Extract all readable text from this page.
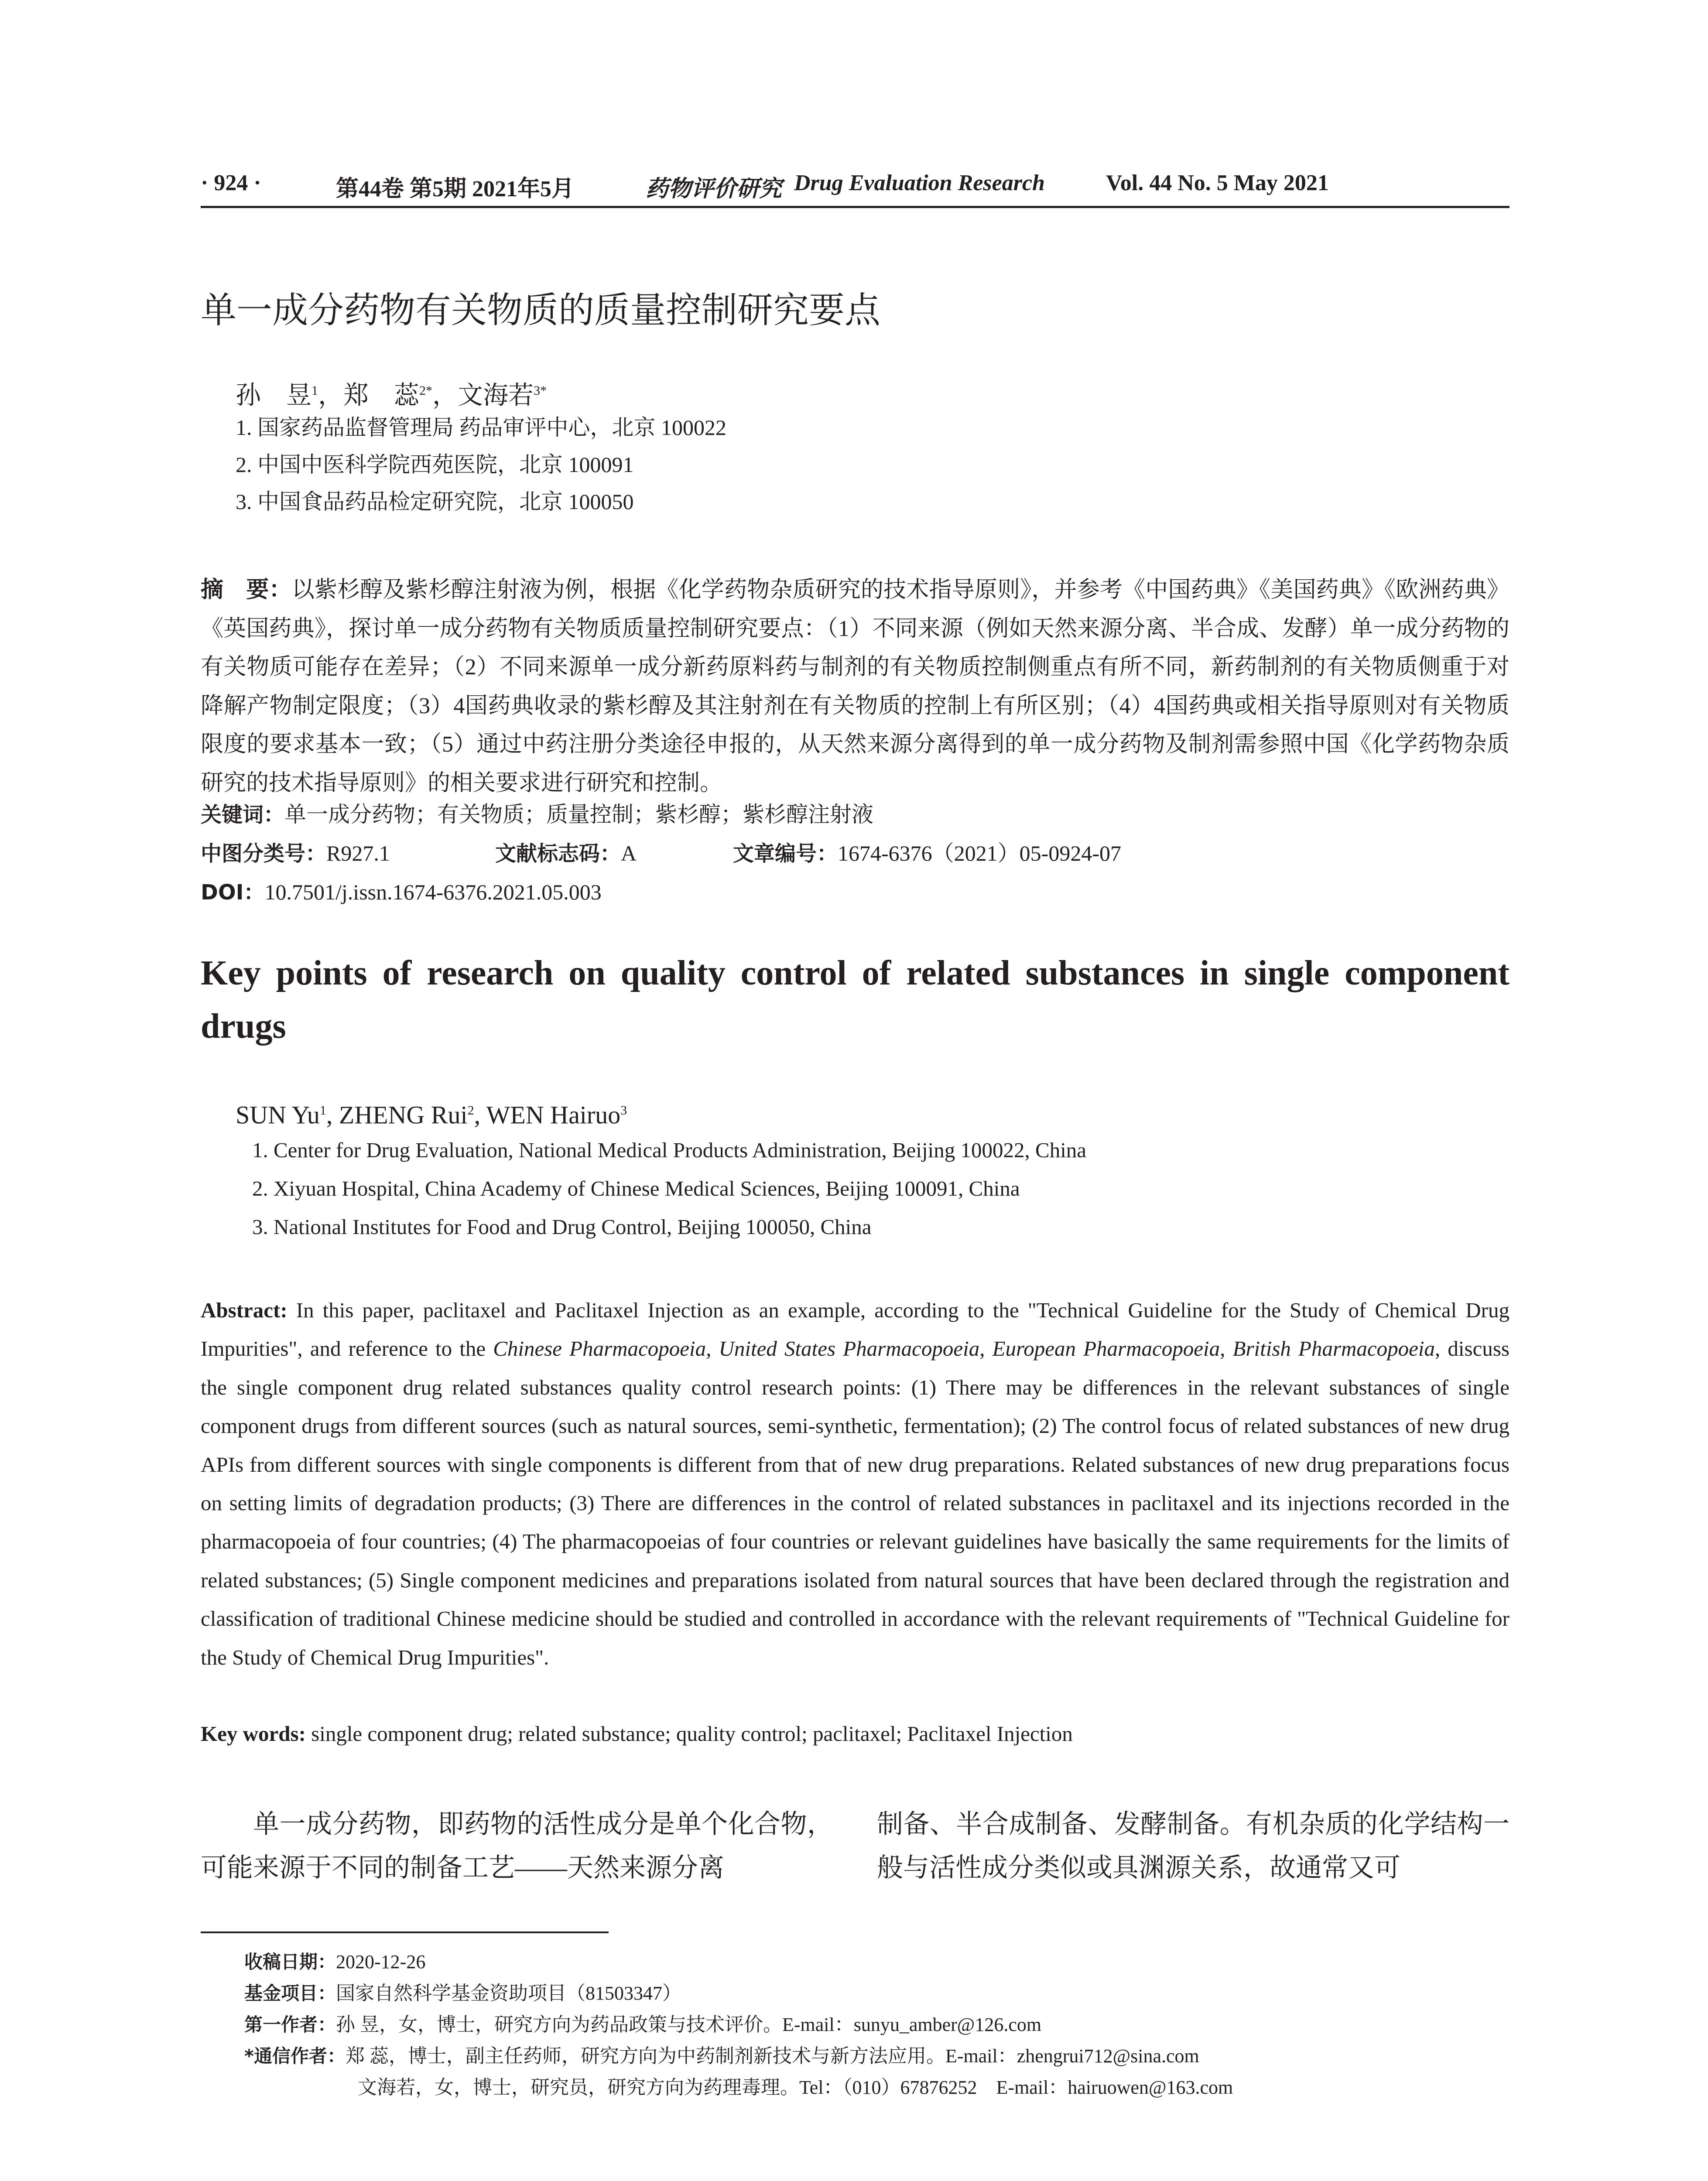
· 924 ·	第44卷 第5期 2021年5月	药物评价研究 Drug Evaluation Research	Vol. 44 No. 5 May 2021
单一成分药物有关物质的质量控制研究要点
孙　昱$^1$，郑　蕊$^{2*}$，文海若$^{3*}$
1. 国家药品监督管理局 药品审评中心，北京 100022
2. 中国中医科学院西苑医院，北京 100091
3. 中国食品药品检定研究院，北京 100050
摘　要：以紫杉醇及紫杉醇注射液为例，根据《化学药物杂质研究的技术指导原则》，并参考《中国药典》《美国药典》《欧洲药典》《英国药典》，探讨单一成分药物有关物质质量控制研究要点：（1）不同来源（例如天然来源分离、半合成、发酵）单一成分药物的有关物质可能存在差异；（2）不同来源单一成分新药原料药与制剂的有关物质控制侧重点有所不同，新药制剂的有关物质侧重于对降解产物制定限度；（3）4国药典收录的紫杉醇及其注射剂在有关物质的控制上有所区别；（4）4国药典或相关指导原则对有关物质限度的要求基本一致；（5）通过中药注册分类途径申报的，从天然来源分离得到的单一成分药物及制剂需参照中国《化学药物杂质研究的技术指导原则》的相关要求进行研究和控制。
关键词：单一成分药物；有关物质；质量控制；紫杉醇；紫杉醇注射液
中图分类号：R927.1	文献标志码：A	文章编号：1674-6376（2021）05-0924-07
DOI：10.7501/j.issn.1674-6376.2021.05.003
Key points of research on quality control of related substances in single component drugs
SUN Yu$^1$, ZHENG Rui$^2$, WEN Hairuo$^3$
1. Center for Drug Evaluation, National Medical Products Administration, Beijing 100022, China
2. Xiyuan Hospital, China Academy of Chinese Medical Sciences, Beijing 100091, China
3. National Institutes for Food and Drug Control, Beijing 100050, China
Abstract: In this paper, paclitaxel and Paclitaxel Injection as an example, according to the "Technical Guideline for the Study of Chemical Drug Impurities", and reference to the Chinese Pharmacopoeia, United States Pharmacopoeia, European Pharmacopoeia, British Pharmacopoeia, discuss the single component drug related substances quality control research points: (1) There may be differences in the relevant substances of single component drugs from different sources (such as natural sources, semi-synthetic, fermentation); (2) The control focus of related substances of new drug APIs from different sources with single components is different from that of new drug preparations. Related substances of new drug preparations focus on setting limits of degradation products; (3) There are differences in the control of related substances in paclitaxel and its injections recorded in the pharmacopoeia of four countries; (4) The pharmacopoeias of four countries or relevant guidelines have basically the same requirements for the limits of related substances; (5) Single component medicines and preparations isolated from natural sources that have been declared through the registration and classification of traditional Chinese medicine should be studied and controlled in accordance with the relevant requirements of "Technical Guideline for the Study of Chemical Drug Impurities".
Key words: single component drug; related substance; quality control; paclitaxel; Paclitaxel Injection
单一成分药物，即药物的活性成分是单个化合物，可能来源于不同的制备工艺——天然来源分离
制备、半合成制备、发酵制备。有机杂质的化学结构一般与活性成分类似或具渊源关系，故通常又可
收稿日期：2020-12-26
基金项目：国家自然科学基金资助项目（81503347）
第一作者：孙 昱，女，博士，研究方向为药品政策与技术评价。E-mail：sunyu_amber@126.com
*通信作者：郑 蕊，博士，副主任药师，研究方向为中药制剂新技术与新方法应用。E-mail：zhengrui712@sina.com
文海若，女，博士，研究员，研究方向为药理毒理。Tel：（010）67876252　E-mail：hairuowen@163.com
